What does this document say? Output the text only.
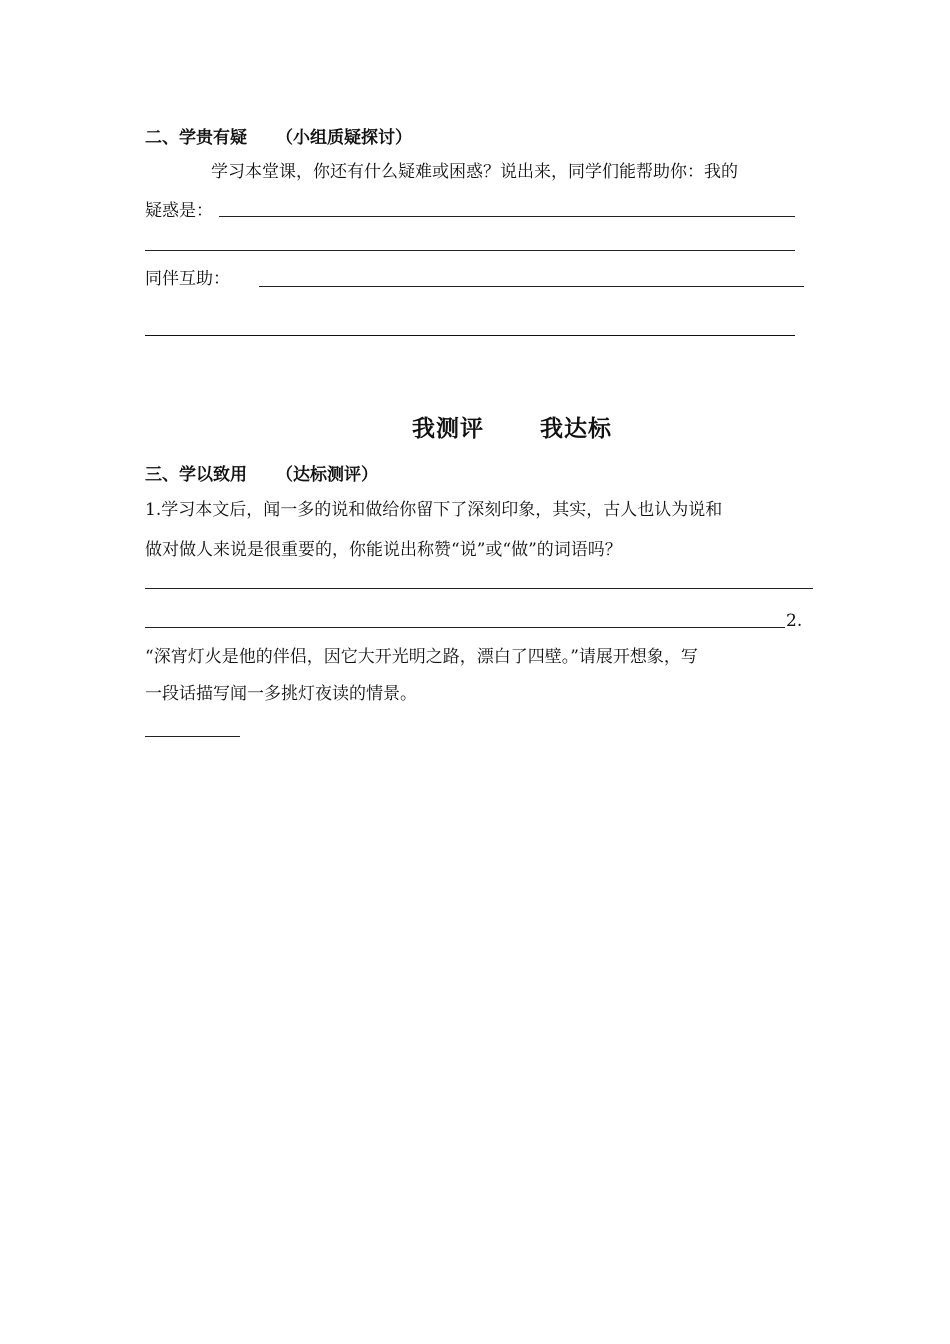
二、学贵有疑 （小组质疑探讨）
学习本堂课，你还有什么疑难或困惑？说出来，同学们能帮助你：我的
疑惑是：
同伴互助：
我测评 我达标
三、学以致用 （达标测评）
1.学习本文后，闻一多的说和做给你留下了深刻印象，其实，古人也认为说和
做对做人来说是很重要的，你能说出称赞“说”或“做”的词语吗？
2.
“深宵灯火是他的伴侣，因它大开光明之路，漂白了四壁。”请展开想象，写
一段话描写闻一多挑灯夜读的情景。
